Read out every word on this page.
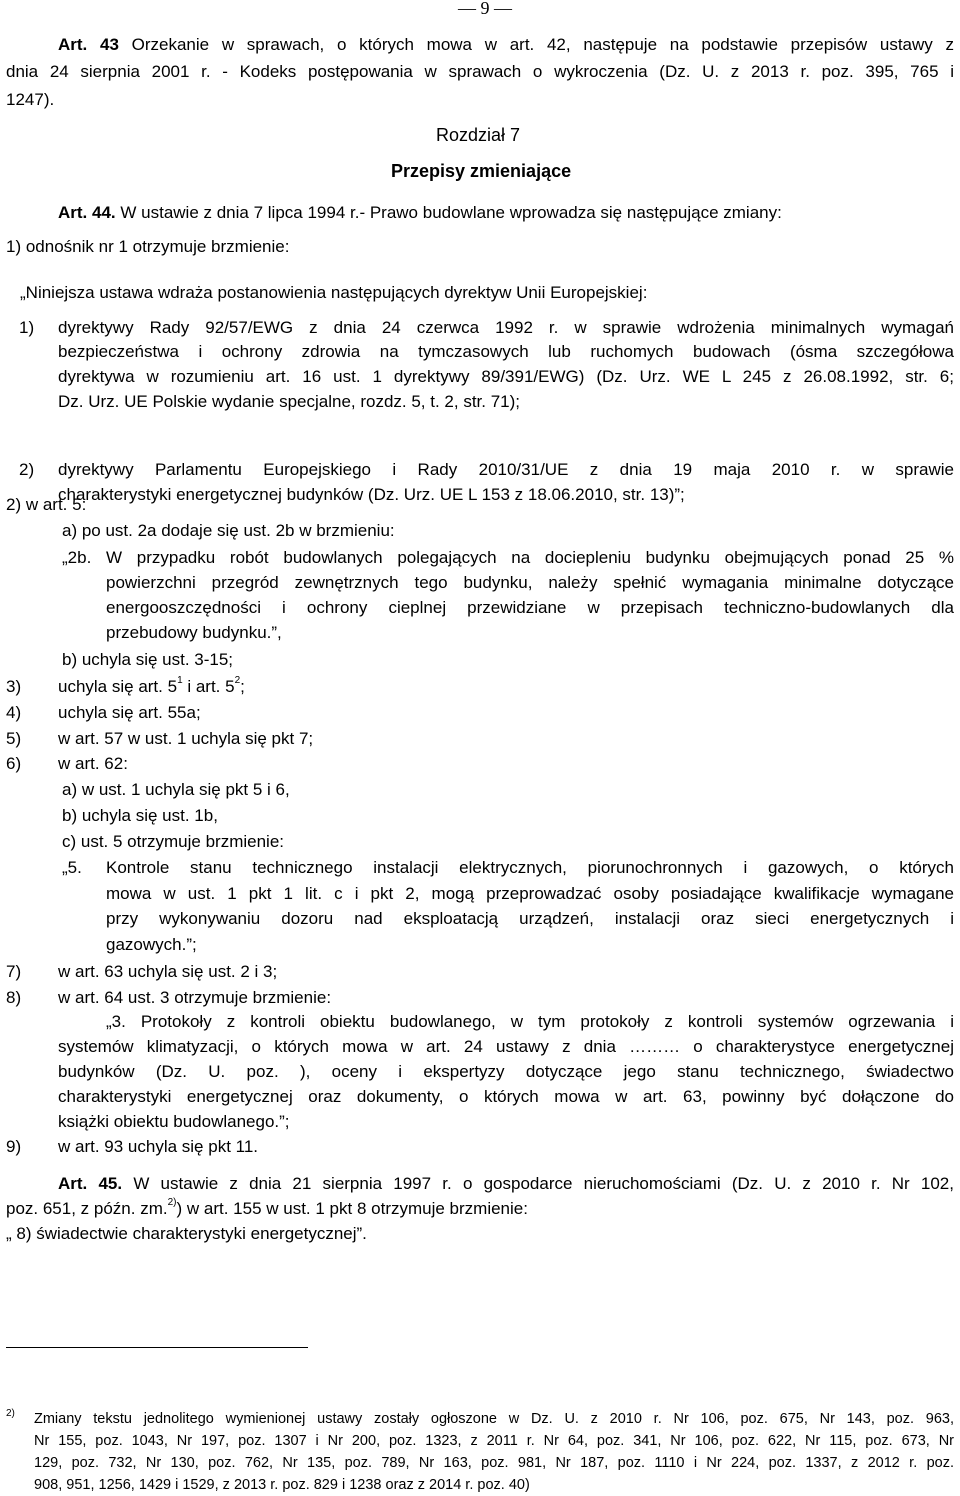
— 9 —
Art. 43 Orzekanie w sprawach, o których mowa w art. 42, następuje na podstawie przepisów ustawy z
dnia 24 sierpnia 2001 r. - Kodeks postępowania w sprawach o wykroczenia (Dz. U. z 2013 r. poz. 395, 765 i
1247).
Rozdział 7
Przepisy zmieniające
Art. 44. W ustawie z dnia 7 lipca 1994 r.- Prawo budowlane wprowadza się następujące zmiany:
1) odnośnik nr 1 otrzymuje brzmienie:
„Niniejsza ustawa wdraża postanowienia następujących dyrektyw Unii Europejskiej:
1) dyrektywy Rady 92/57/EWG z dnia 24 czerwca 1992 r. w sprawie wdrożenia minimalnych wymagań
bezpieczeństwa i ochrony zdrowia na tymczasowych lub ruchomych budowach (ósma szczegółowa
dyrektywa w rozumieniu art. 16 ust. 1 dyrektywy 89/391/EWG) (Dz. Urz. WE L 245 z 26.08.1992, str. 6;
Dz. Urz. UE Polskie wydanie specjalne, rozdz. 5, t. 2, str. 71);
2) dyrektywy Parlamentu Europejskiego i Rady 2010/31/UE z dnia 19 maja 2010 r. w sprawie
charakterystyki energetycznej budynków (Dz. Urz. UE L 153 z 18.06.2010, str. 13)”;
2) w art. 5:
a) po ust. 2a dodaje się ust. 2b w brzmieniu:
„2b. W przypadku robót budowlanych polegających na dociepleniu budynku obejmujących ponad 25 %
powierzchni przegród zewnętrznych tego budynku, należy spełnić wymagania minimalne dotyczące
energooszczędności i ochrony cieplnej przewidziane w przepisach techniczno-budowlanych dla
przebudowy budynku.”,
b) uchyla się ust. 3-15;
3) uchyla się art. $5^1$ i art. $5^2$;
4) uchyla się art. 55a;
5) w art. 57 w ust. 1 uchyla się pkt 7;
6) w art. 62:
a) w ust. 1 uchyla się pkt 5 i 6,
b) uchyla się ust. 1b,
c) ust. 5 otrzymuje brzmienie:
„5. Kontrole stanu technicznego instalacji elektrycznych, piorunochronnych i gazowych, o których
mowa w ust. 1 pkt 1 lit. c i pkt 2, mogą przeprowadzać osoby posiadające kwalifikacje wymagane
przy wykonywaniu dozoru nad eksploatacją urządzeń, instalacji oraz sieci energetycznych i
gazowych.”;
7) w art. 63 uchyla się ust. 2 i 3;
8) w art. 64 ust. 3 otrzymuje brzmienie:
„3. Protokoły z kontroli obiektu budowlanego, w tym protokoły z kontroli systemów ogrzewania i
systemów klimatyzacji, o których mowa w art. 24 ustawy z dnia ……… o charakterystyce energetycznej
budynków (Dz. U. poz. ), oceny i ekspertyzy dotyczące jego stanu technicznego, świadectwo
charakterystyki energetycznej oraz dokumenty, o których mowa w art. 63, powinny być dołączone do
książki obiektu budowlanego.”;
9) w art. 93 uchyla się pkt 11.
Art. 45. W ustawie z dnia 21 sierpnia 1997 r. o gospodarce nieruchomościami (Dz. U. z 2010 r. Nr 102,
poz. 651, z późn. zm.$^{2)}$) w art. 155 w ust. 1 pkt 8 otrzymuje brzmienie:
„ 8) świadectwie charakterystyki energetycznej”.
2) Zmiany tekstu jednolitego wymienionej ustawy zostały ogłoszone w Dz. U. z 2010 r. Nr 106, poz. 675, Nr 143, poz. 963,
Nr 155, poz. 1043, Nr 197, poz. 1307 i Nr 200, poz. 1323, z 2011 r. Nr 64, poz. 341, Nr 106, poz. 622, Nr 115, poz. 673, Nr
129, poz. 732, Nr 130, poz. 762, Nr 135, poz. 789, Nr 163, poz. 981, Nr 187, poz. 1110 i Nr 224, poz. 1337, z 2012 r. poz.
908, 951, 1256, 1429 i 1529, z 2013 r. poz. 829 i 1238 oraz z 2014 r. poz. 40)
